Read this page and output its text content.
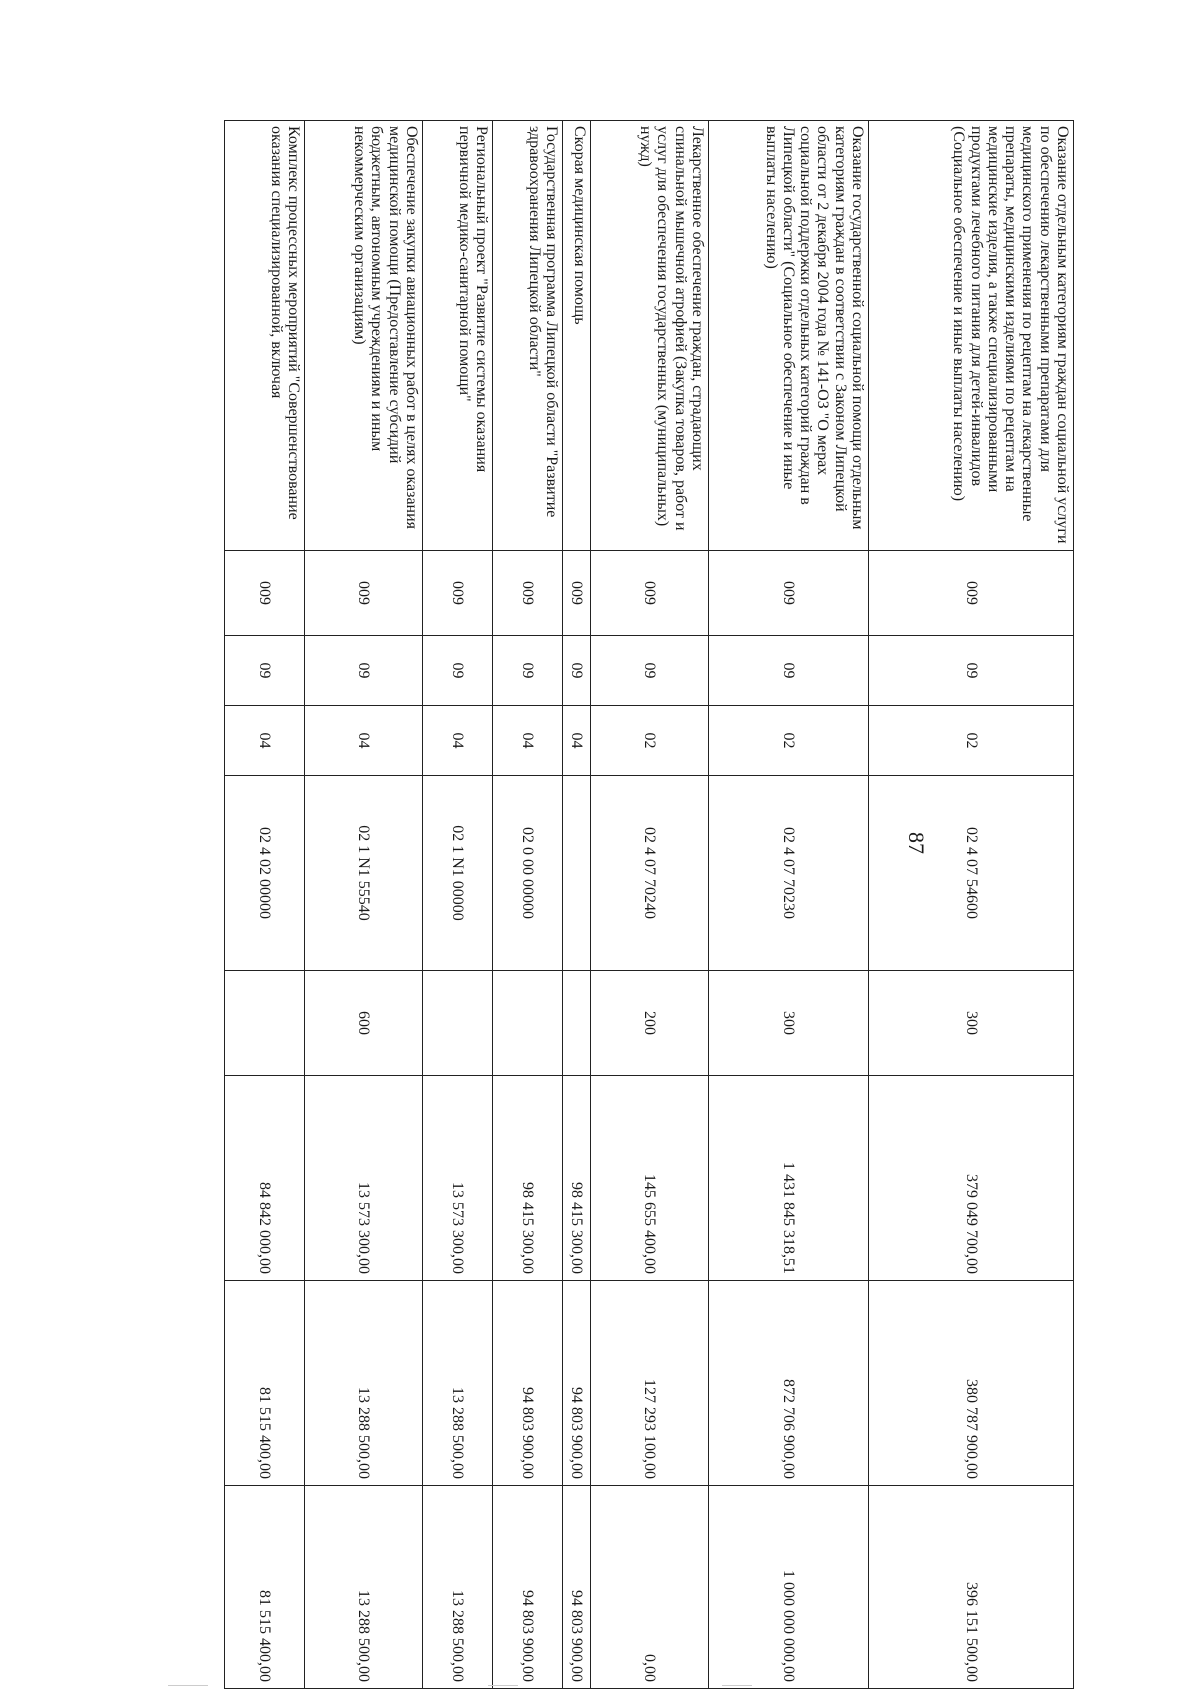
87
Оказание отдельным категориям граждан социальной услуги по обеспечению лекарственными препаратами для медицинского применения по рецептам на лекарственные препараты, медицинскими изделиями по рецептам на медицинские изделия, а также специализированными продуктами лечебного питания для детей-инвалидов (Социальное обеспечение и иные выплаты населению)	009	09	02	02 4 07 54600	300	379 049 700,00	380 787 900,00	396 151 500,00
Оказание государственной социальной помощи отдельным категориям граждан в соответствии с Законом Липецкой области от 2 декабря 2004 года № 141-ОЗ "О мерах социальной поддержки отдельных категорий граждан в Липецкой области" (Социальное обеспечение и иные выплаты населению)	009	09	02	02 4 07 70230	300	1 431 845 318,51	872 706 900,00	1 000 000 000,00
Лекарственное обеспечение граждан, страдающих спинальной мышечной атрофией (Закупка товаров, работ и услуг для обеспечения государственных (муниципальных) нужд)	009	09	02	02 4 07 70240	200	145 655 400,00	127 293 100,00	0,00
Скорая медицинская помощь	009	09	04			98 415 300,00	94 803 900,00	94 803 900,00
Государственная программа Липецкой области "Развитие здравоохранения Липецкой области"	009	09	04	02 0 00 00000		98 415 300,00	94 803 900,00	94 803 900,00
Региональный проект "Развитие системы оказания первичной медико-санитарной помощи"	009	09	04	02 1 N1 00000		13 573 300,00	13 288 500,00	13 288 500,00
Обеспечение закупки авиационных работ в целях оказания медицинской помощи (Предоставление субсидий бюджетным, автономным учреждениям и иным некоммерческим организациям)	009	09	04	02 1 N1 55540	600	13 573 300,00	13 288 500,00	13 288 500,00
Комплекс процессных мероприятий "Совершенствование оказания специализированной, включая	009	09	04	02 4 02 00000		84 842 000,00	81 515 400,00	81 515 400,00
